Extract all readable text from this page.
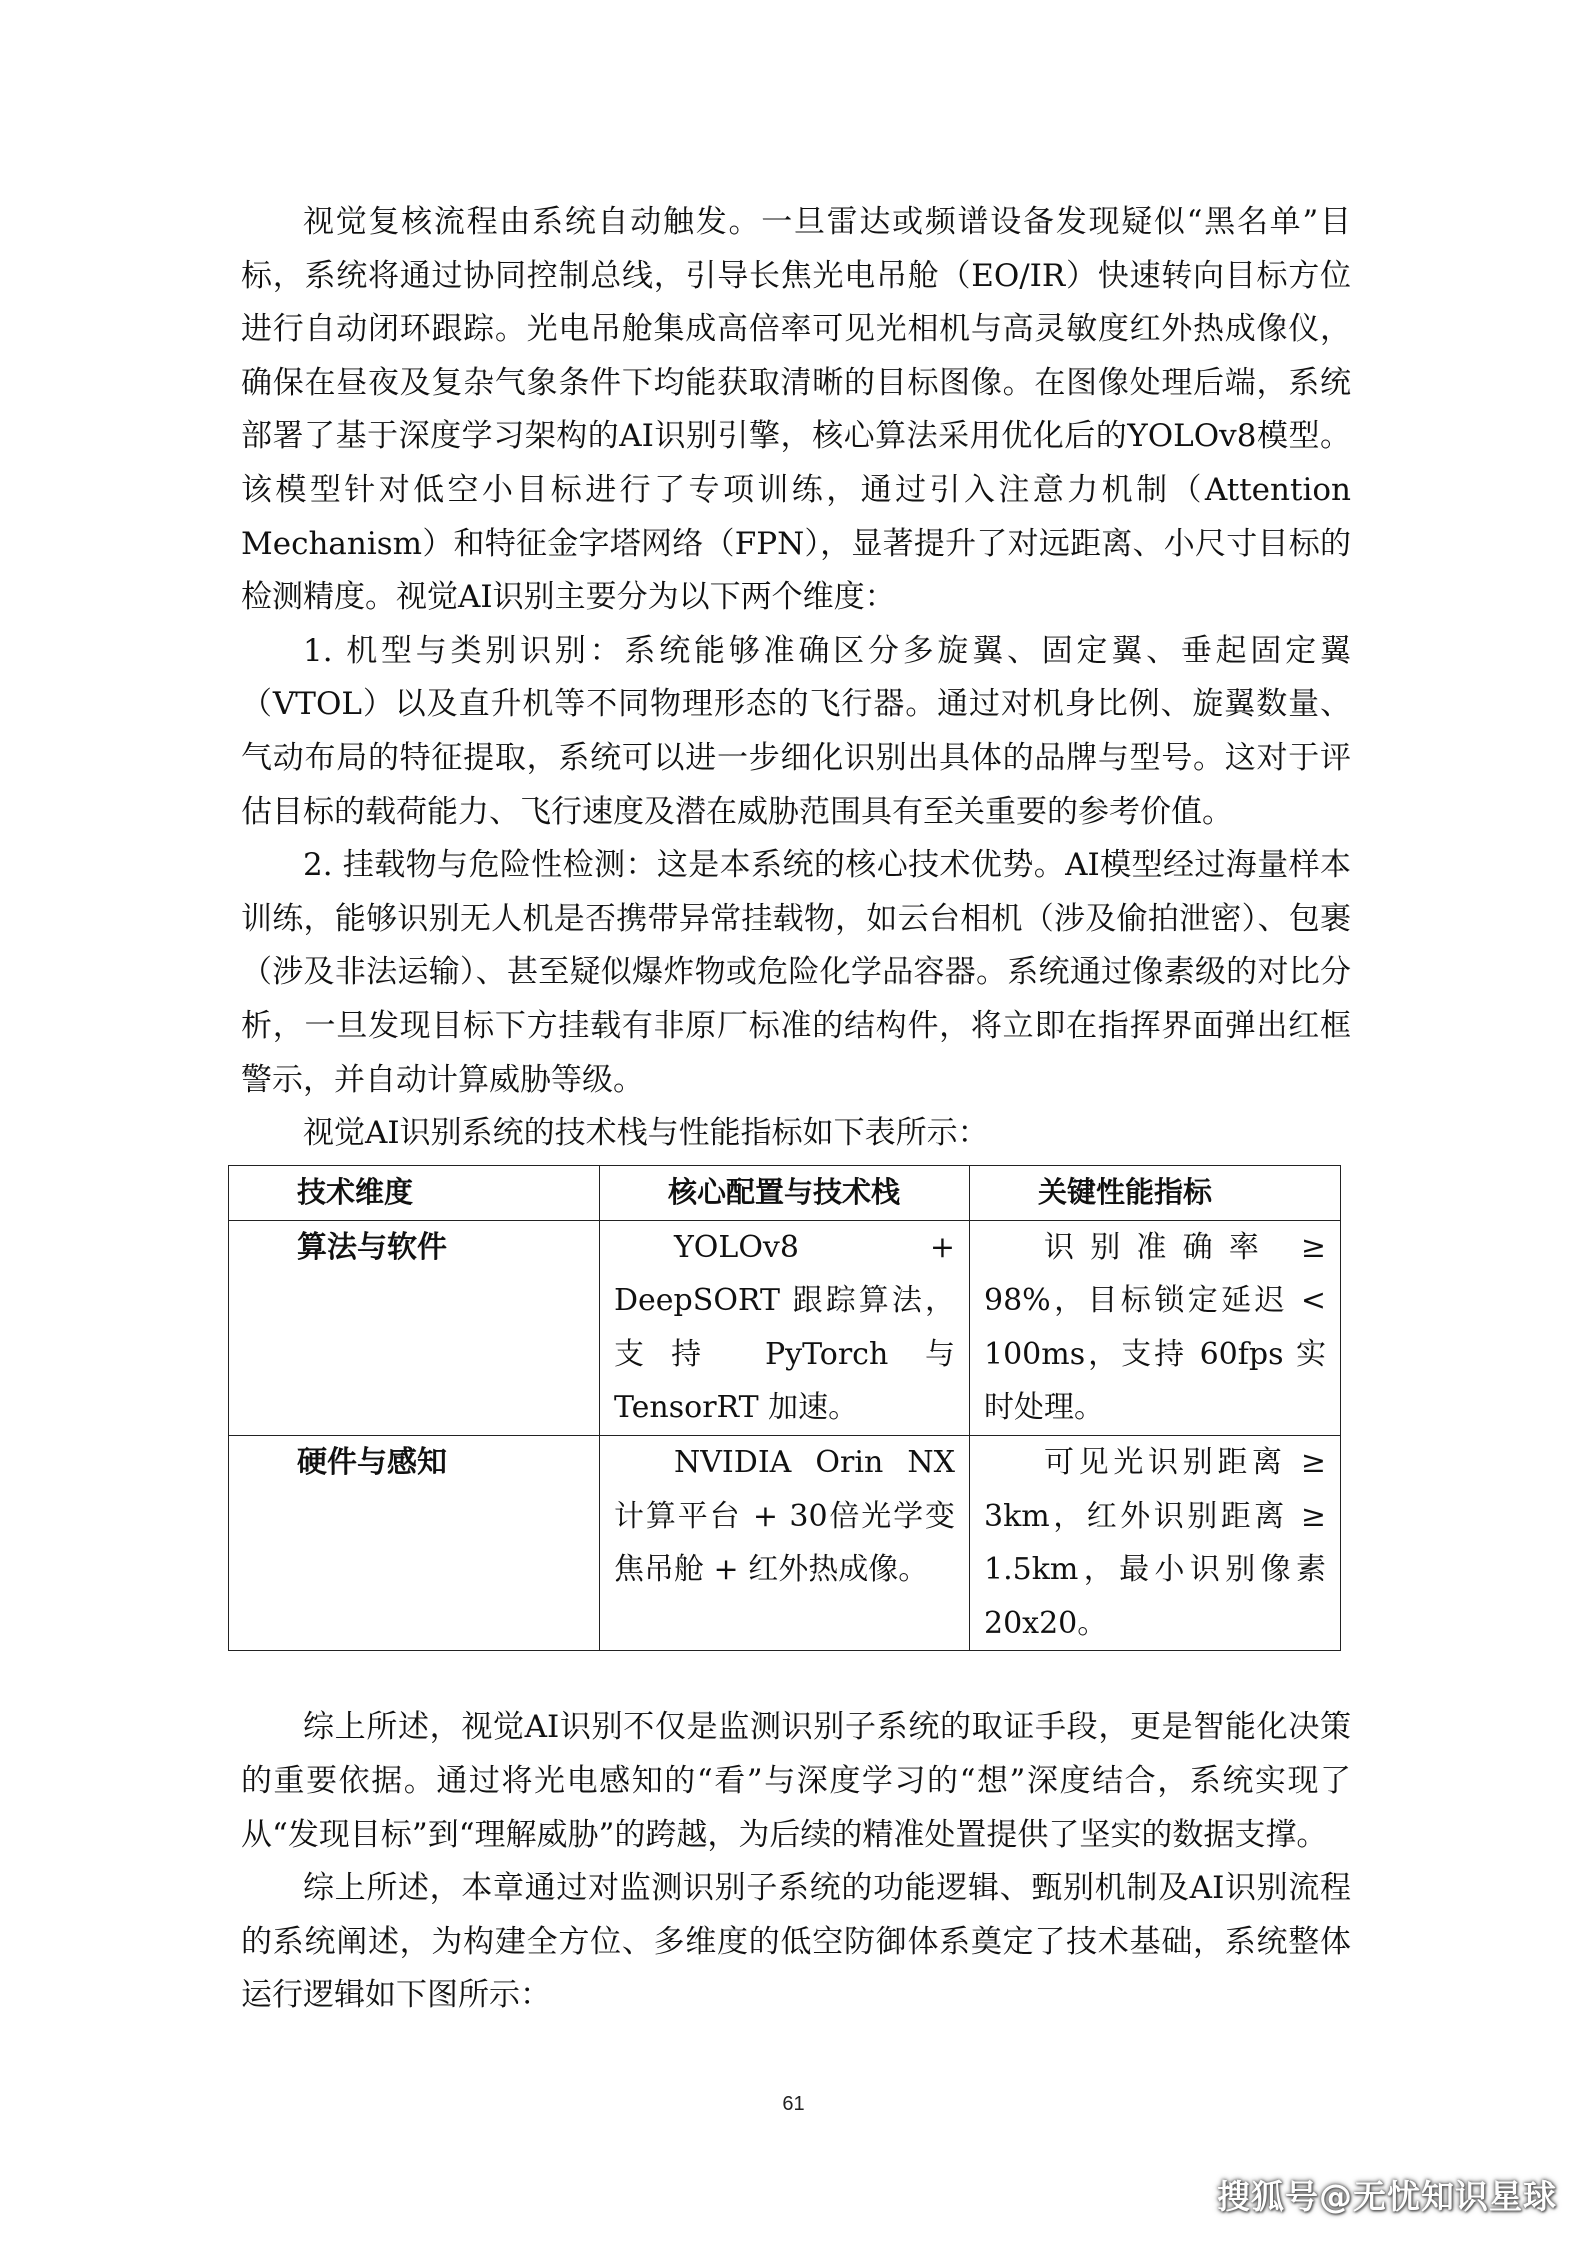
视觉复核流程由系统自动触发。一旦雷达或频谱设备发现疑似“黑名单”目标，系统将通过协同控制总线，引导长焦光电吊舱（EO/IR）快速转向目标方位进行自动闭环跟踪。光电吊舱集成高倍率可见光相机与高灵敏度红外热成像仪，确保在昼夜及复杂气象条件下均能获取清晰的目标图像。在图像处理后端，系统部署了基于深度学习架构的AI识别引擎，核心算法采用优化后的YOLOv8模型。该模型针对低空小目标进行了专项训练，通过引入注意力机制（Attention Mechanism）和特征金字塔网络（FPN），显著提升了对远距离、小尺寸目标的检测精度。视觉AI识别主要分为以下两个维度：

1. 机型与类别识别：系统能够准确区分多旋翼、固定翼、垂起固定翼（VTOL）以及直升机等不同物理形态的飞行器。通过对机身比例、旋翼数量、气动布局的特征提取，系统可以进一步细化识别出具体的品牌与型号。这对于评估目标的载荷能力、飞行速度及潜在威胁范围具有至关重要的参考价值。

2. 挂载物与危险性检测：这是本系统的核心技术优势。AI模型经过海量样本训练，能够识别无人机是否携带异常挂载物，如云台相机（涉及偷拍泄密）、包裹（涉及非法运输）、甚至疑似爆炸物或危险化学品容器。系统通过像素级的对比分析，一旦发现目标下方挂载有非原厂标准的结构件，将立即在指挥界面弹出红框警示，并自动计算威胁等级。

视觉AI识别系统的技术栈与性能指标如下表所示：

技术维度	核心配置与技术栈	关键性能指标
算法与软件	YOLOv8 + DeepSORT 跟踪算法，支持 PyTorch 与 TensorRT 加速。	识别准确率 ≥ 98%，目标锁定延迟 < 100ms，支持 60fps 实时处理。
硬件与感知	NVIDIA Orin NX 计算平台 + 30倍光学变焦吊舱 + 红外热成像。	可见光识别距离 ≥ 3km，红外识别距离 ≥ 1.5km，最小识别像素 20x20。

综上所述，视觉AI识别不仅是监测识别子系统的取证手段，更是智能化决策的重要依据。通过将光电感知的“看”与深度学习的“想”深度结合，系统实现了从“发现目标”到“理解威胁”的跨越，为后续的精准处置提供了坚实的数据支撑。

综上所述，本章通过对监测识别子系统的功能逻辑、甄别机制及AI识别流程的系统阐述，为构建全方位、多维度的低空防御体系奠定了技术基础，系统整体运行逻辑如下图所示：

61
搜狐号@无忧知识星球
